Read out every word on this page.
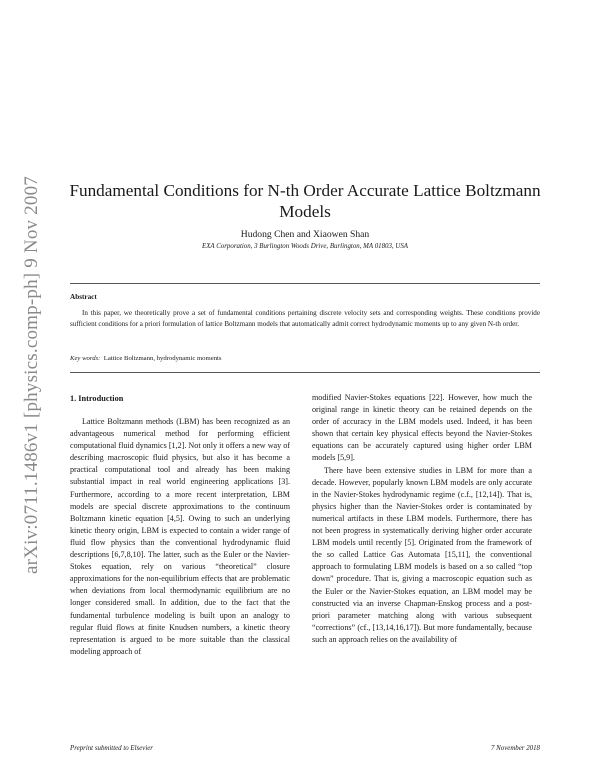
arXiv:0711.1486v1 [physics.comp-ph] 9 Nov 2007	Fundamental Conditions for N-th Order Accurate Lattice Boltzmann Models

Hudong Chen and Xiaowen Shan

EXA Corporation, 3 Burlington Woods Drive, Burlington, MA 01803, USA

Abstract

In this paper, we theoretically prove a set of fundamental conditions pertaining discrete velocity sets and corresponding weights. These conditions provide sufficient conditions for a priori formulation of lattice Boltzmann models that automatically admit correct hydrodynamic moments up to any given N-th order.

Key words: Lattice Boltzmann, hydrodynamic moments

1. Introduction

Lattice Boltzmann methods (LBM) has been recognized as an advantageous numerical method for performing efficient computational fluid dynamics [1,2]. Not only it offers a new way of describing macroscopic fluid physics, but also it has become a practical computational tool and already has been making substantial impact in real world engineering applications [3]. Furthermore, according to a more recent interpretation, LBM models are special discrete approximations to the continuum Boltzmann kinetic equation [4,5]. Owing to such an underlying kinetic theory origin, LBM is expected to contain a wider range of fluid flow physics than the conventional hydrodynamic fluid descriptions [6,7,8,10]. The latter, such as the Euler or the Navier-Stokes equation, rely on various “theoretical” closure approximations for the non-equilibrium effects that are problematic when deviations from local thermodynamic equilibrium are no longer considered small. In addition, due to the fact that the fundamental turbulence modeling is built upon an analogy to regular fluid flows at finite Knudsen numbers, a kinetic theory representation is argued to be more suitable than the classical modeling approach of

modified Navier-Stokes equations [22]. However, how much the original range in kinetic theory can be retained depends on the order of accuracy in the LBM models used. Indeed, it has been shown that certain key physical effects beyond the Navier-Stokes equations can be accurately captured using higher order LBM models [5,9].

There have been extensive studies in LBM for more than a decade. However, popularly known LBM models are only accurate in the Navier-Stokes hydrodynamic regime (c.f., [12,14]). That is, physics higher than the Navier-Stokes order is contaminated by numerical artifacts in these LBM models. Furthermore, there has not been progress in systematically deriving higher order accurate LBM models until recently [5]. Originated from the framework of the so called Lattice Gas Automata [15,11], the conventional approach to formulating LBM models is based on a so called “top down” procedure. That is, giving a macroscopic equation such as the Euler or the Navier-Stokes equation, an LBM model may be constructed via an inverse Chapman-Enskog process and a post-priori parameter matching along with various subsequent “corrections” (cf., [13,14,16,17]). But more fundamentally, because such an approach relies on the availability of

Preprint submitted to Elsevier	7 November 2018
